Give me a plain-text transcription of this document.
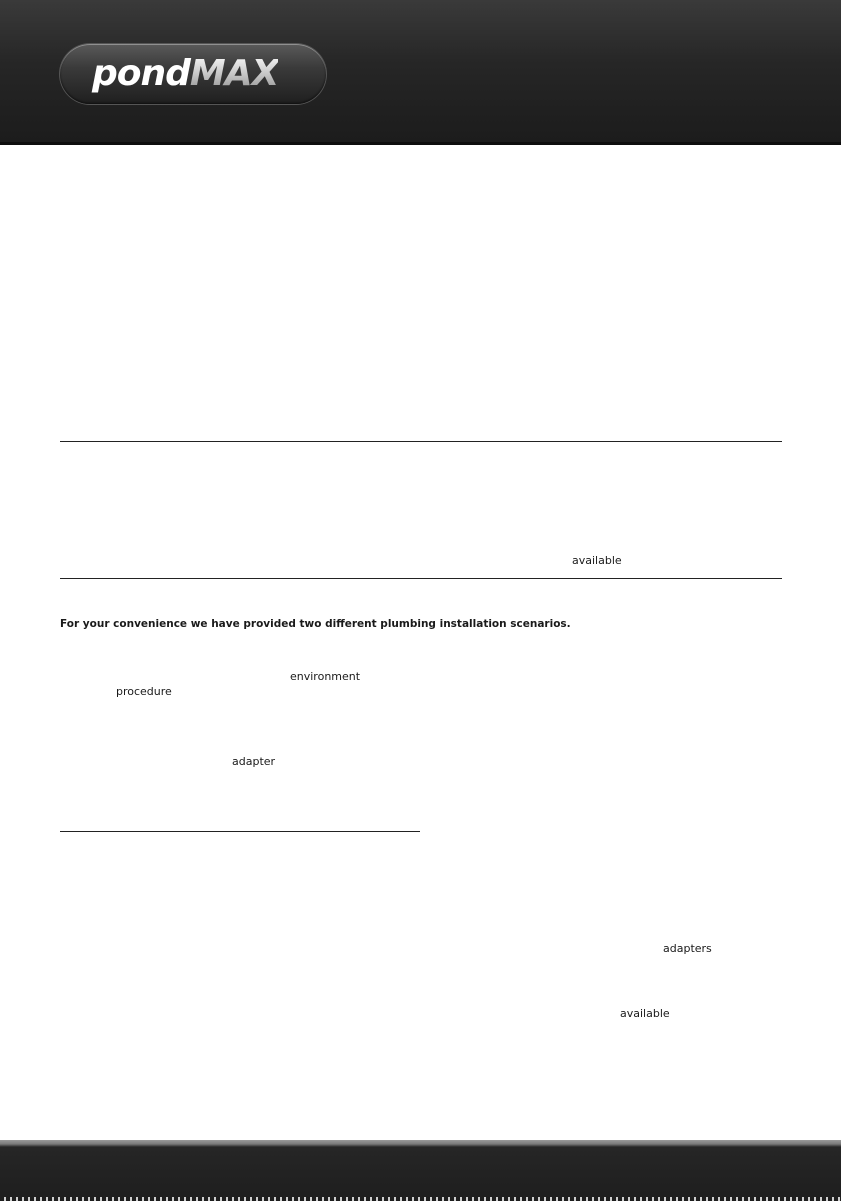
pondMAX
available
For your convenience we have provided two different plumbing installation scenarios.
environment
procedure
adapter
adapters
available
